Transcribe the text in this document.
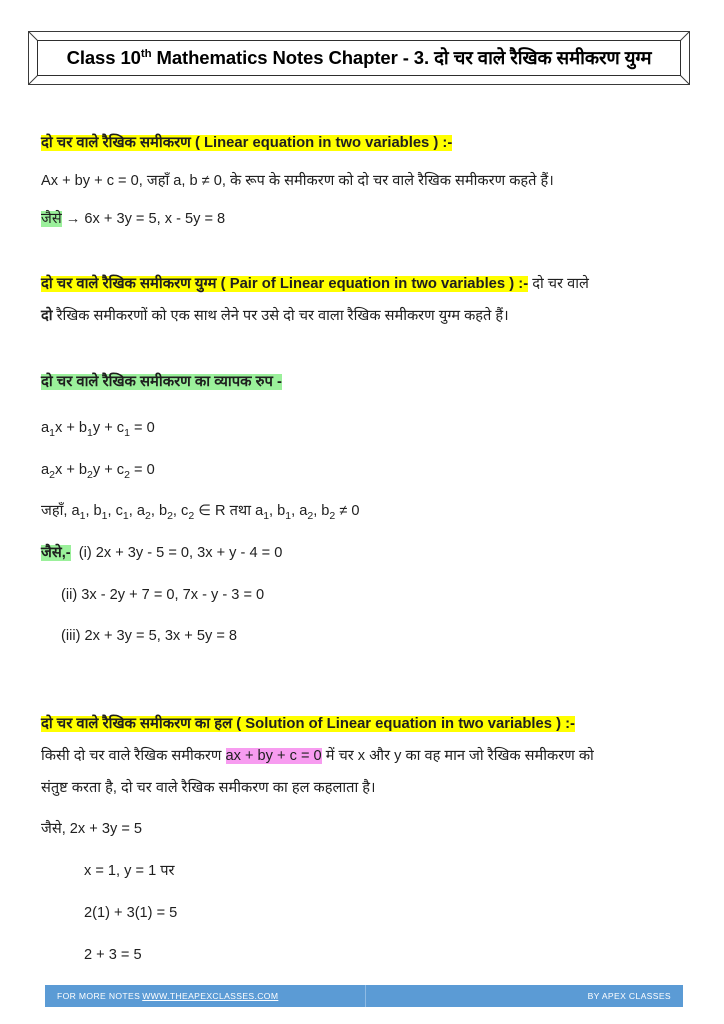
Class 10th Mathematics Notes Chapter - 3. दो चर वाले रैखिक समीकरण युग्म
दो चर वाले रैखिक समीकरण ( Linear equation in two variables ) :-
Ax + by + c = 0, जहाँ a, b ≠ 0, के रूप के समीकरण को दो चर वाले रैखिक समीकरण कहते हैं।
जैसे → 6x + 3y = 5, x - 5y = 8
दो चर वाले रैखिक समीकरण युग्म ( Pair of Linear equation in two variables ) :- दो चर वाले
दो रैखिक समीकरणों को एक साथ लेने पर उसे दो चर वाला रैखिक समीकरण युग्म कहते हैं।
दो चर वाले रैखिक समीकरण का व्यापक रुप -
$a_1x + b_1y + c_1 = 0$
$a_2x + b_2y + c_2 = 0$
जहाँ, $a_1$, $b_1$, $c_1$, $a_2$, $b_2$, $c_2$ ∈ R तथा $a_1$, $b_1$, $a_2$, $b_2 \ne 0$
जैसे,- (i) 2x + 3y - 5 = 0, 3x + y - 4 = 0
(ii) 3x - 2y + 7 = 0, 7x - y - 3 = 0
(iii) 2x + 3y = 5, 3x + 5y = 8
दो चर वाले रैखिक समीकरण का हल ( Solution of Linear equation in two variables ) :-
किसी दो चर वाले रैखिक समीकरण ax + by + c = 0 में चर x और y का वह मान जो रैखिक समीकरण को
संतुष्ट करता है, दो चर वाले रैखिक समीकरण का हल कहलाता है।
जैसे, 2x + 3y = 5
x = 1, y = 1 पर
2(1) + 3(1) = 5
2 + 3 = 5
FOR MORE NOTES WWW.THEAPEXCLASSES.COM	BY APEX CLASSES
